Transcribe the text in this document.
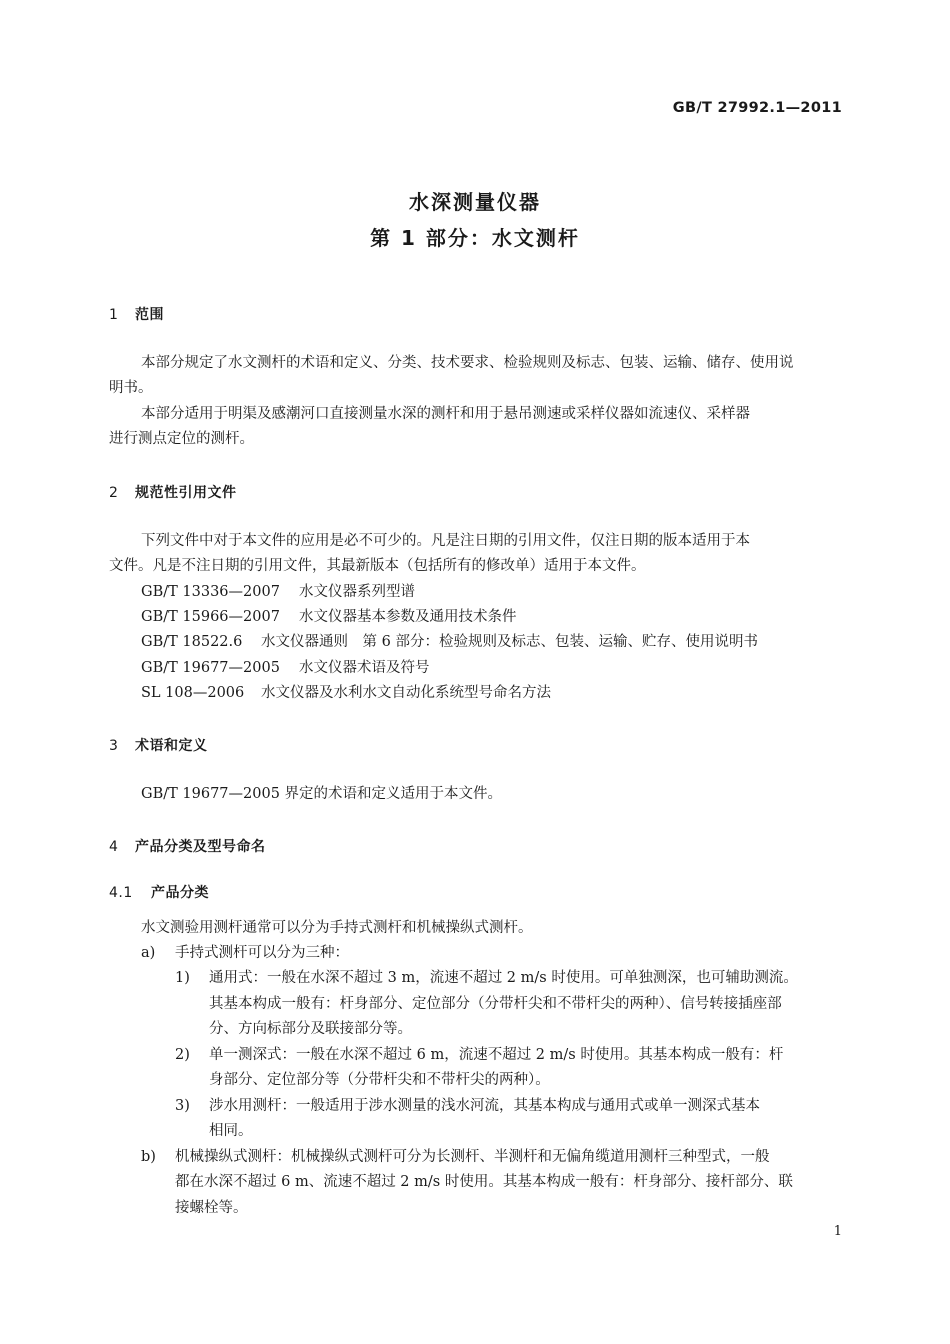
GB/T 27992.1—2011
水深测量仪器
第 1 部分：水文测杆
1 范围
本部分规定了水文测杆的术语和定义、分类、技术要求、检验规则及标志、包装、运输、储存、使用说
明书。
本部分适用于明渠及感潮河口直接测量水深的测杆和用于悬吊测速或采样仪器如流速仪、采样器
进行测点定位的测杆。
2 规范性引用文件
下列文件中对于本文件的应用是必不可少的。凡是注日期的引用文件，仅注日期的版本适用于本
文件。凡是不注日期的引用文件，其最新版本（包括所有的修改单）适用于本文件。
GB/T 13336—2007 水文仪器系列型谱
GB/T 15966—2007 水文仪器基本参数及通用技术条件
GB/T 18522.6 水文仪器通则　第 6 部分：检验规则及标志、包装、运输、贮存、使用说明书
GB/T 19677—2005 水文仪器术语及符号
SL 108—2006 水文仪器及水利水文自动化系统型号命名方法
3 术语和定义
GB/T 19677—2005 界定的术语和定义适用于本文件。
4 产品分类及型号命名
4.1 产品分类
水文测验用测杆通常可以分为手持式测杆和机械操纵式测杆。
a) 手持式测杆可以分为三种：
1) 通用式：一般在水深不超过 3 m，流速不超过 2 m/s 时使用。可单独测深，也可辅助测流。
其基本构成一般有：杆身部分、定位部分（分带杆尖和不带杆尖的两种）、信号转接插座部
分、方向标部分及联接部分等。
2) 单一测深式：一般在水深不超过 6 m，流速不超过 2 m/s 时使用。其基本构成一般有：杆
身部分、定位部分等（分带杆尖和不带杆尖的两种）。
3) 涉水用测杆：一般适用于涉水测量的浅水河流，其基本构成与通用式或单一测深式基本
相同。
b) 机械操纵式测杆：机械操纵式测杆可分为长测杆、半测杆和无偏角缆道用测杆三种型式，一般
都在水深不超过 6 m、流速不超过 2 m/s 时使用。其基本构成一般有：杆身部分、接杆部分、联
接螺栓等。
1
